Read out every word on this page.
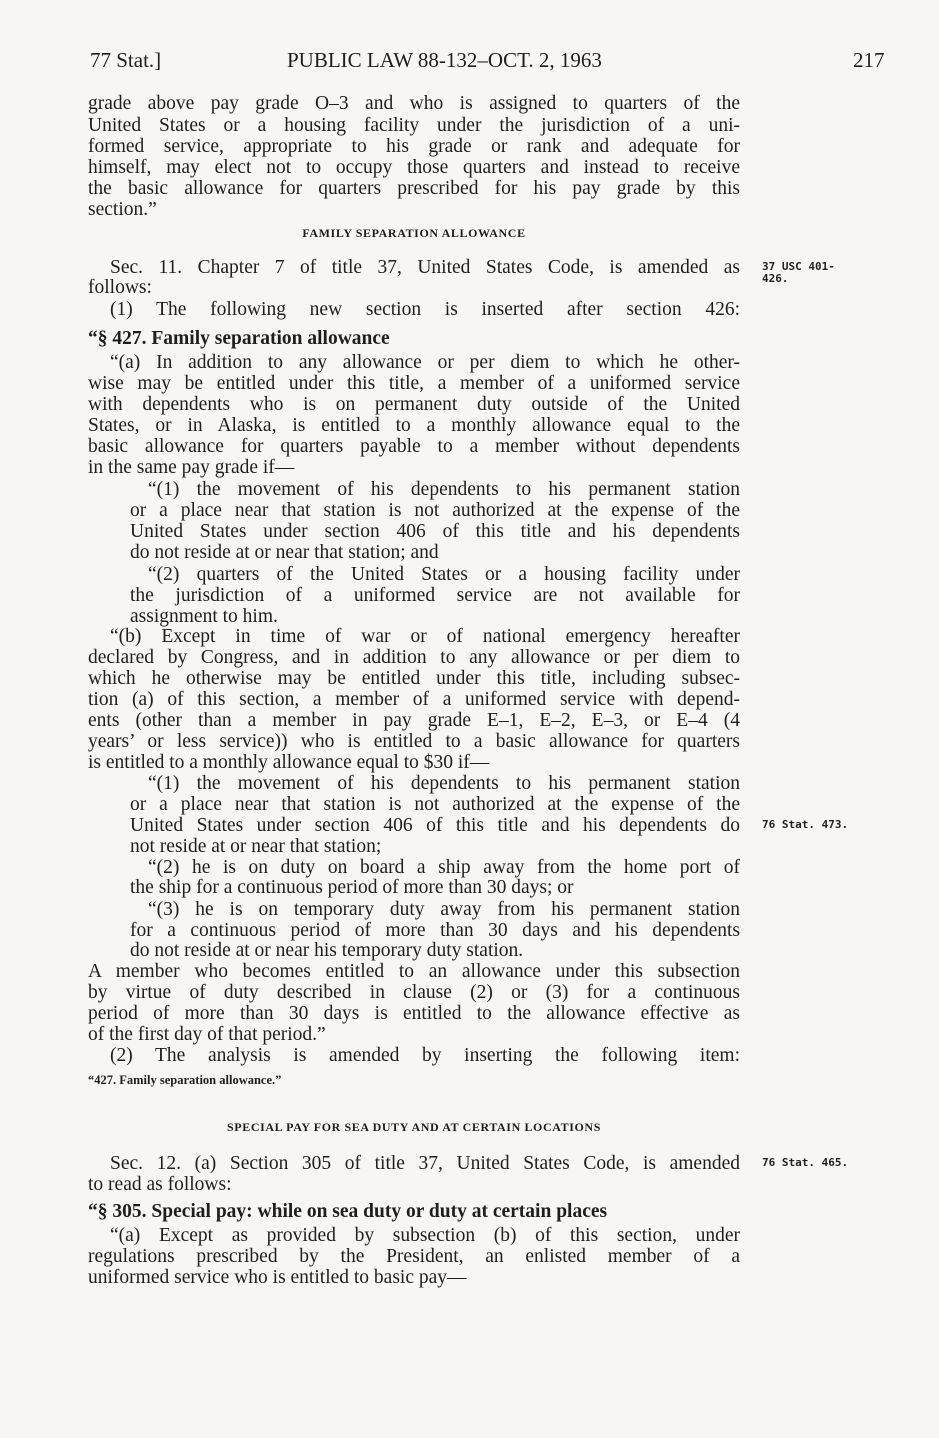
77 Stat.]	PUBLIC LAW 88-132–OCT. 2, 1963	217
grade above pay grade O–3 and who is assigned to quarters of the
United States or a housing facility under the jurisdiction of a uni-
formed service, appropriate to his grade or rank and adequate for
himself, may elect not to occupy those quarters and instead to receive
the basic allowance for quarters prescribed for his pay grade by this
section.”
FAMILY SEPARATION ALLOWANCE
Sec. 11. Chapter 7 of title 37, United States Code, is amended as
follows:
(1) The following new section is inserted after section 426:
“§ 427. Family separation allowance
“(a) In addition to any allowance or per diem to which he other-
wise may be entitled under this title, a member of a uniformed service
with dependents who is on permanent duty outside of the United
States, or in Alaska, is entitled to a monthly allowance equal to the
basic allowance for quarters payable to a member without dependents
in the same pay grade if—
“(1) the movement of his dependents to his permanent station
or a place near that station is not authorized at the expense of the
United States under section 406 of this title and his dependents
do not reside at or near that station; and
“(2) quarters of the United States or a housing facility under
the jurisdiction of a uniformed service are not available for
assignment to him.
“(b) Except in time of war or of national emergency hereafter
declared by Congress, and in addition to any allowance or per diem to
which he otherwise may be entitled under this title, including subsec-
tion (a) of this section, a member of a uniformed service with depend-
ents (other than a member in pay grade E–1, E–2, E–3, or E–4 (4
years’ or less service)) who is entitled to a basic allowance for quarters
is entitled to a monthly allowance equal to $30 if—
“(1) the movement of his dependents to his permanent station
or a place near that station is not authorized at the expense of the
United States under section 406 of this title and his dependents do
not reside at or near that station;
“(2) he is on duty on board a ship away from the home port of
the ship for a continuous period of more than 30 days; or
“(3) he is on temporary duty away from his permanent station
for a continuous period of more than 30 days and his dependents
do not reside at or near his temporary duty station.
A member who becomes entitled to an allowance under this subsection
by virtue of duty described in clause (2) or (3) for a continuous
period of more than 30 days is entitled to the allowance effective as
of the first day of that period.”
(2) The analysis is amended by inserting the following item:
“427. Family separation allowance.”
SPECIAL PAY FOR SEA DUTY AND AT CERTAIN LOCATIONS
Sec. 12. (a) Section 305 of title 37, United States Code, is amended
to read as follows:
“§ 305. Special pay: while on sea duty or duty at certain places
“(a) Except as provided by subsection (b) of this section, under
regulations prescribed by the President, an enlisted member of a
uniformed service who is entitled to basic pay—
37 USC 401-
426.
76 Stat. 473.
76 Stat. 465.
